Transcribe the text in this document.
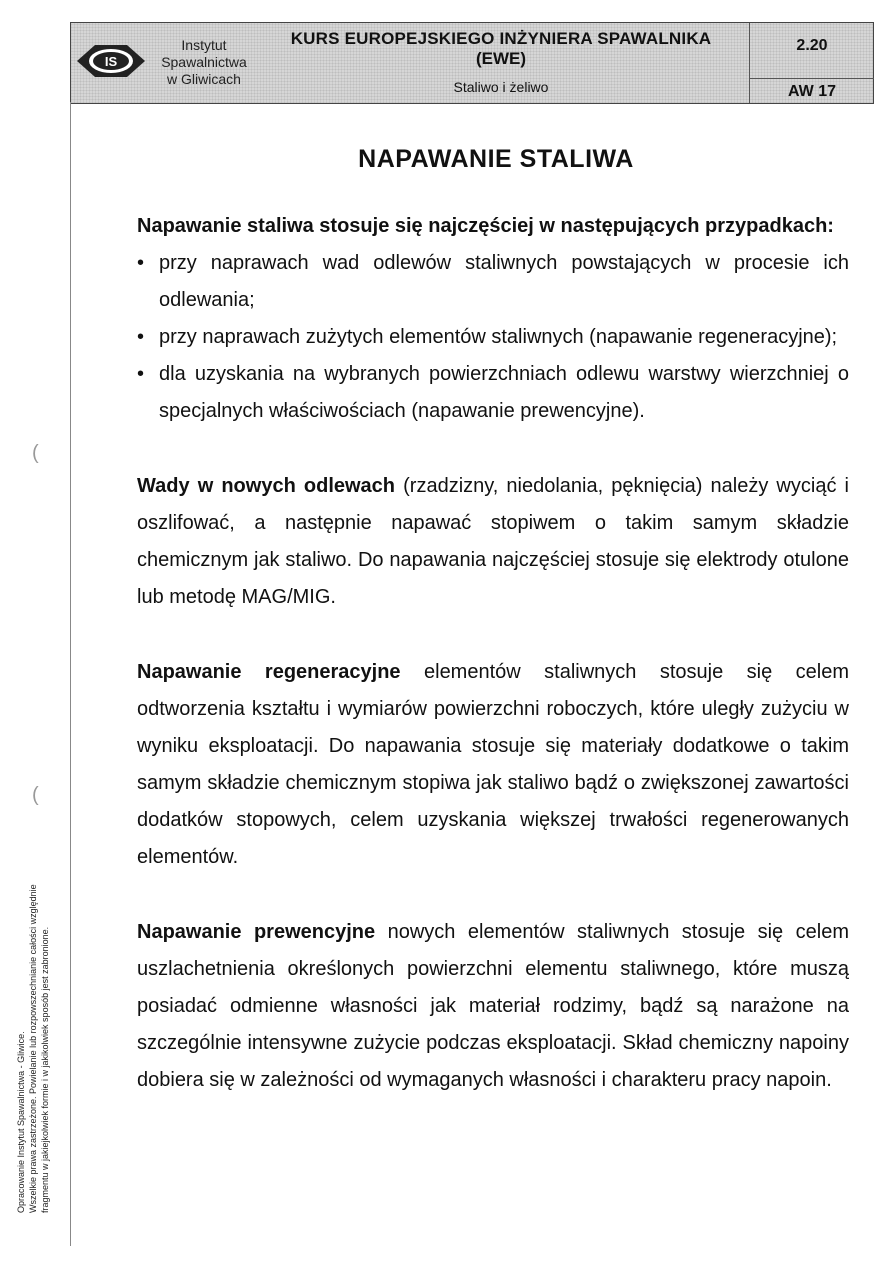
IS
Instytut
Spawalnictwa
w Gliwicach
KURS EUROPEJSKIEGO INŻYNIERA SPAWALNIKA
(EWE)
Staliwo i żeliwo
2.20
AW 17
NAPAWANIE STALIWA

Napawanie staliwa stosuje się najczęściej w następujących przypadkach:

• przy naprawach wad odlewów staliwnych powstających w procesie ich odlewania;
• przy naprawach zużytych elementów staliwnych (napawanie regeneracyjne);
• dla uzyskania na wybranych powierzchniach odlewu warstwy wierzchniej o specjalnych właściwościach (napawanie prewencyjne).

Wady w nowych odlewach (rzadzizny, niedolania, pęknięcia) należy wyciąć i oszlifować, a następnie napawać stopiwem o takim samym składzie chemicznym jak staliwo. Do napawania najczęściej stosuje się elektrody otulone lub metodę MAG/MIG.

Napawanie regeneracyjne elementów staliwnych stosuje się celem odtworzenia kształtu i wymiarów powierzchni roboczych, które uległy zużyciu w wyniku eksploatacji. Do napawania stosuje się materiały dodatkowe o takim samym składzie chemicznym stopiwa jak staliwo bądź o zwiększonej zawartości dodatków stopowych, celem uzyskania większej trwałości regenerowanych elementów.

Napawanie prewencyjne nowych elementów staliwnych stosuje się celem uszlachetnienia określonych powierzchni elementu staliwnego, które muszą posiadać odmienne własności jak materiał rodzimy, bądź są narażone na szczególnie intensywne zużycie podczas eksploatacji. Skład chemiczny napoiny dobiera się w zależności od wymaganych własności i charakteru pracy napoin.

(
(
Opracowanie Instytut Spawalnictwa - Gliwice. Wszelkie prawa zastrzeżone. Powielanie lub rozpowszechnianie całości względnie fragmentu w jakiejkolwiek formie i w jakikolwiek sposób jest zabronione.
